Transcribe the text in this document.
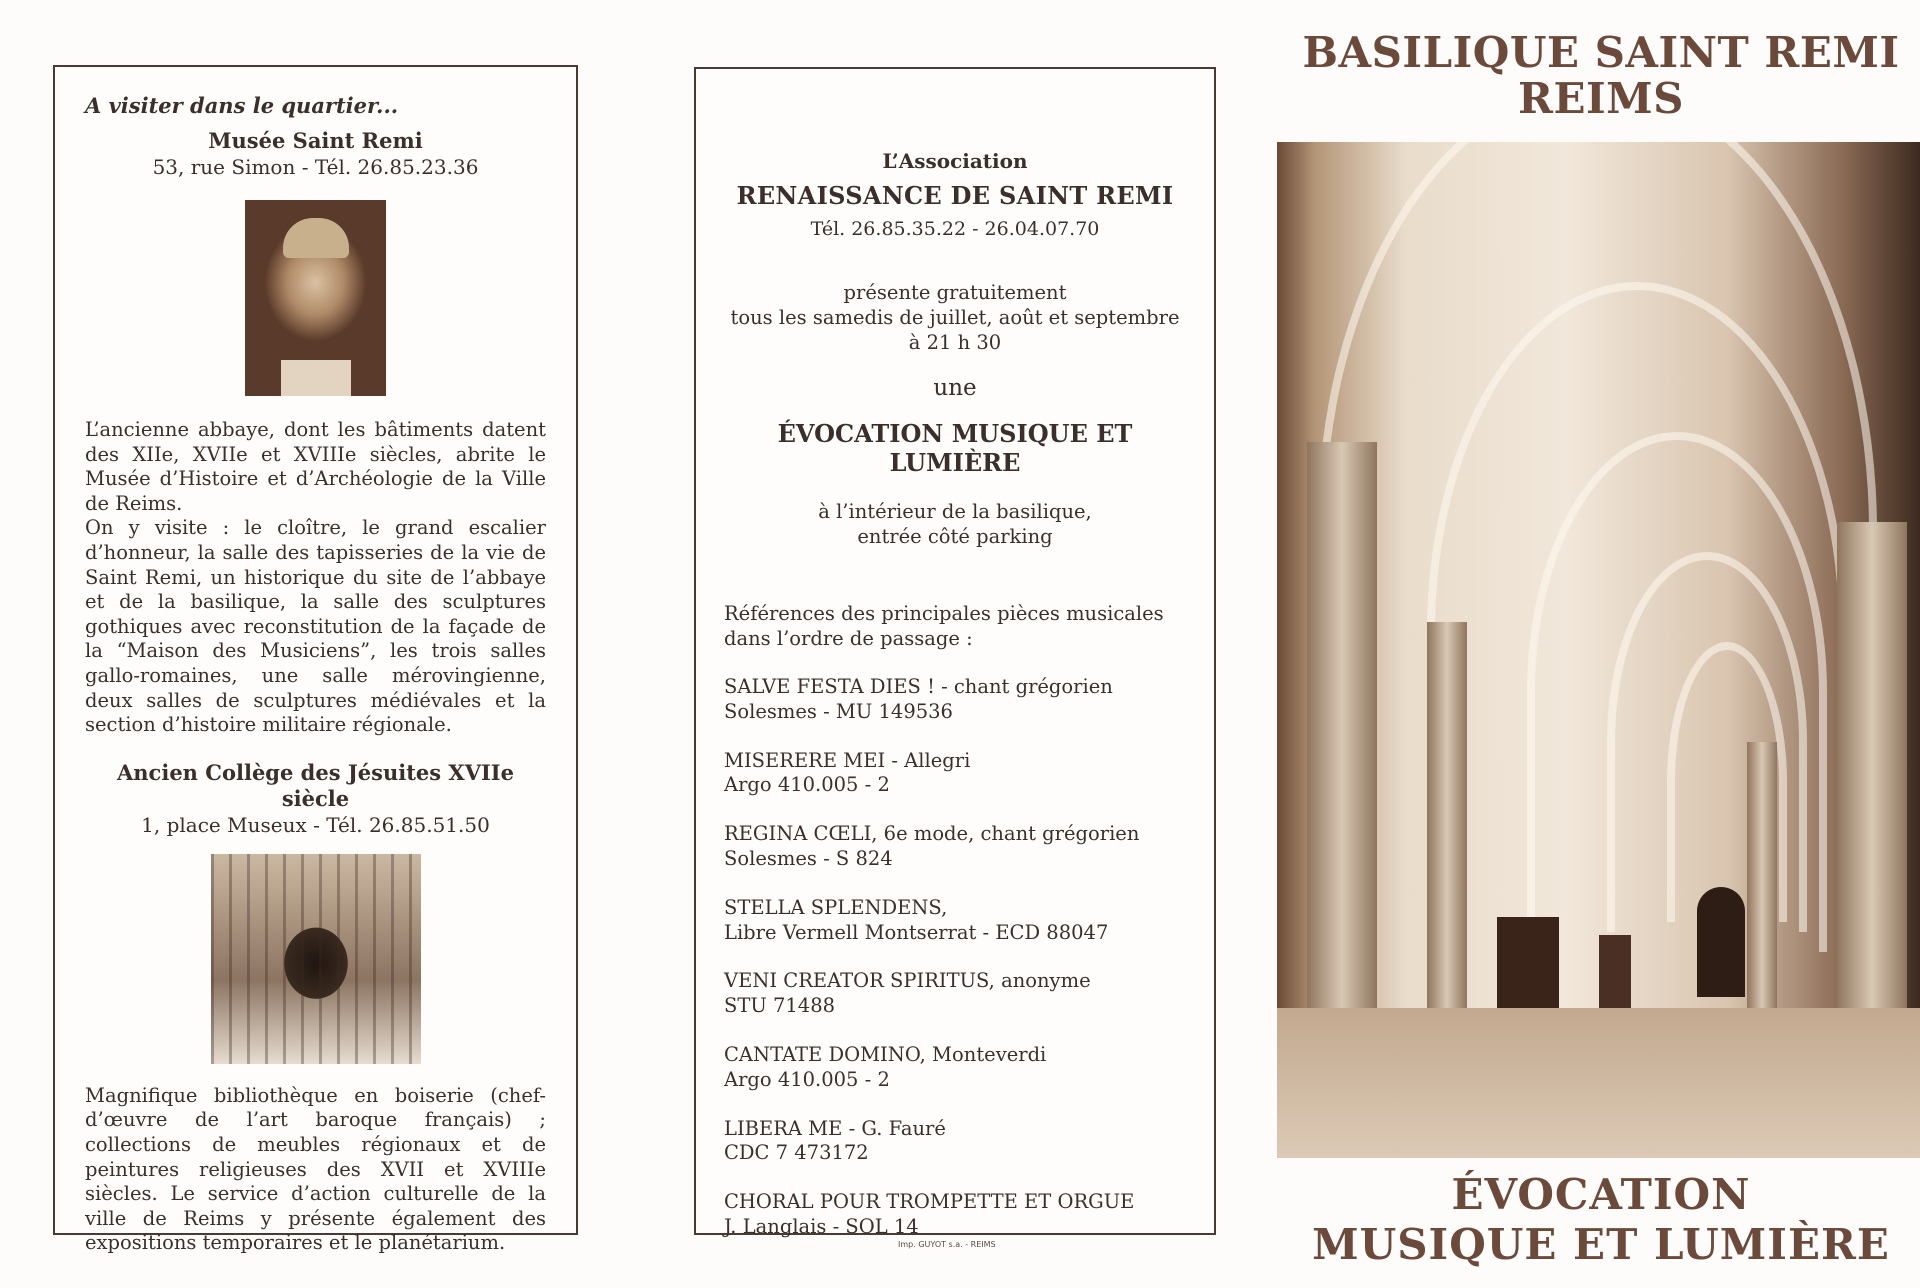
A visiter dans le quartier...
Musée Saint Remi
53, rue Simon - Tél. 26.85.23.36
L’ancienne abbaye, dont les bâtiments datent des XIIe, XVIIe et XVIIIe siècles, abrite le Musée d’Histoire et d’Archéologie de la Ville de Reims.
On y visite : le cloître, le grand escalier d’honneur, la salle des tapisseries de la vie de Saint Remi, un historique du site de l’abbaye et de la basilique, la salle des sculptures gothiques avec reconstitution de la façade de la “Maison des Musiciens”, les trois salles gallo-romaines, une salle mérovingienne, deux salles de sculptures médiévales et la section d’histoire militaire régionale.
Ancien Collège des Jésuites XVIIe siècle
1, place Museux - Tél. 26.85.51.50
Magnifique bibliothèque en boiserie (chef-d’œuvre de l’art baroque français) ; collections de meubles régionaux et de peintures religieuses des XVII et XVIIIe siècles. Le service d’action culturelle de la ville de Reims y présente également des expositions temporaires et le planétarium.
L’Association
RENAISSANCE DE SAINT REMI
Tél. 26.85.35.22 - 26.04.07.70
présente gratuitement
tous les samedis de juillet, août et septembre
à 21 h 30
une
ÉVOCATION MUSIQUE ET LUMIÈRE
à l’intérieur de la basilique,
entrée côté parking
Références des principales pièces musicales dans l’ordre de passage :
SALVE FESTA DIES ! - chant grégorien
Solesmes - MU 149536
MISERERE MEI - Allegri
Argo 410.005 - 2
REGINA CŒLI, 6e mode, chant grégorien
Solesmes - S 824
STELLA SPLENDENS,
Libre Vermell Montserrat - ECD 88047
VENI CREATOR SPIRITUS, anonyme
STU 71488
CANTATE DOMINO, Monteverdi
Argo 410.005 - 2
LIBERA ME - G. Fauré
CDC 7 473172
CHORAL POUR TROMPETTE ET ORGUE
J. Langlais - SOL 14
Imp. GUYOT s.a. - REIMS
BASILIQUE SAINT REMI
REIMS
ÉVOCATION
MUSIQUE ET LUMIÈRE
